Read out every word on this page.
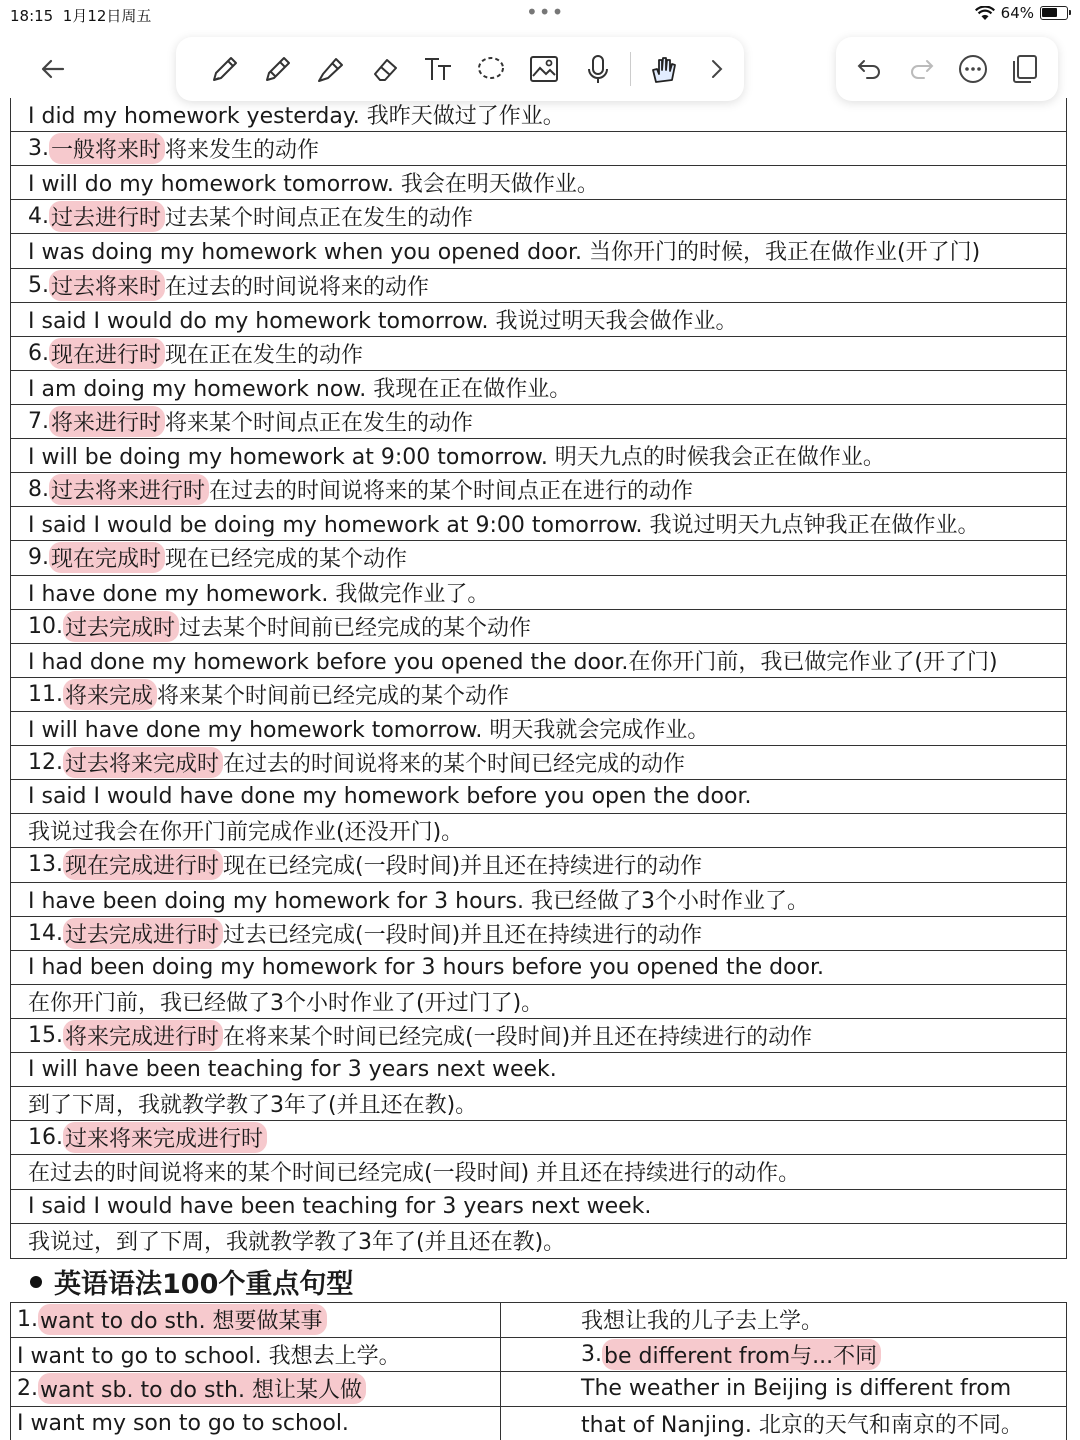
18:15 1月12日周五	•••	64%
I did my homework yesterday. 我昨天做过了作业。
3. 一般将来时 将来发生的动作
I will do my homework tomorrow. 我会在明天做作业。
4. 过去进行时 过去某个时间点正在发生的动作
I was doing my homework when you opened door. 当你开门的时候，我正在做作业(开了门)
5. 过去将来时 在过去的时间说将来的动作
I said I would do my homework tomorrow. 我说过明天我会做作业。
6. 现在进行时 现在正在发生的动作
I am doing my homework now. 我现在正在做作业。
7. 将来进行时 将来某个时间点正在发生的动作
I will be doing my homework at 9:00 tomorrow. 明天九点的时候我会正在做作业。
8. 过去将来进行时 在过去的时间说将来的某个时间点正在进行的动作
I said I would be doing my homework at 9:00 tomorrow. 我说过明天九点钟我正在做作业。
9. 现在完成时 现在已经完成的某个动作
I have done my homework. 我做完作业了。
10. 过去完成时 过去某个时间前已经完成的某个动作
I had done my homework before you opened the door.在你开门前，我已做完作业了(开了门)
11. 将来完成 将来某个时间前已经完成的某个动作
I will have done my homework tomorrow. 明天我就会完成作业。
12. 过去将来完成时 在过去的时间说将来的某个时间已经完成的动作
I said I would have done my homework before you open the door.
我说过我会在你开门前完成作业(还没开门)。
13. 现在完成进行时 现在已经完成(一段时间)并且还在持续进行的动作
I have been doing my homework for 3 hours. 我已经做了3个小时作业了。
14. 过去完成进行时 过去已经完成(一段时间)并且还在持续进行的动作
I had been doing my homework for 3 hours before you opened the door.
在你开门前，我已经做了3个小时作业了(开过门了)。
15. 将来完成进行时 在将来某个时间已经完成(一段时间)并且还在持续进行的动作
I will have been teaching for 3 years next week.
到了下周，我就教学教了3年了(并且还在教)。
16. 过来将来完成进行时
在过去的时间说将来的某个时间已经完成(一段时间) 并且还在持续进行的动作。
I said I would have been teaching for 3 years next week.
我说过，到了下周，我就教学教了3年了(并且还在教)。
英语语法100个重点句型
1. want to do sth. 想要做某事
I want to go to school. 我想去上学。
2. want sb. to do sth. 想让某人做
I want my son to go to school.
我想让我的儿子去上学。
3. be different from与...不同
The weather in Beijing is different from
that of Nanjing. 北京的天气和南京的不同。
